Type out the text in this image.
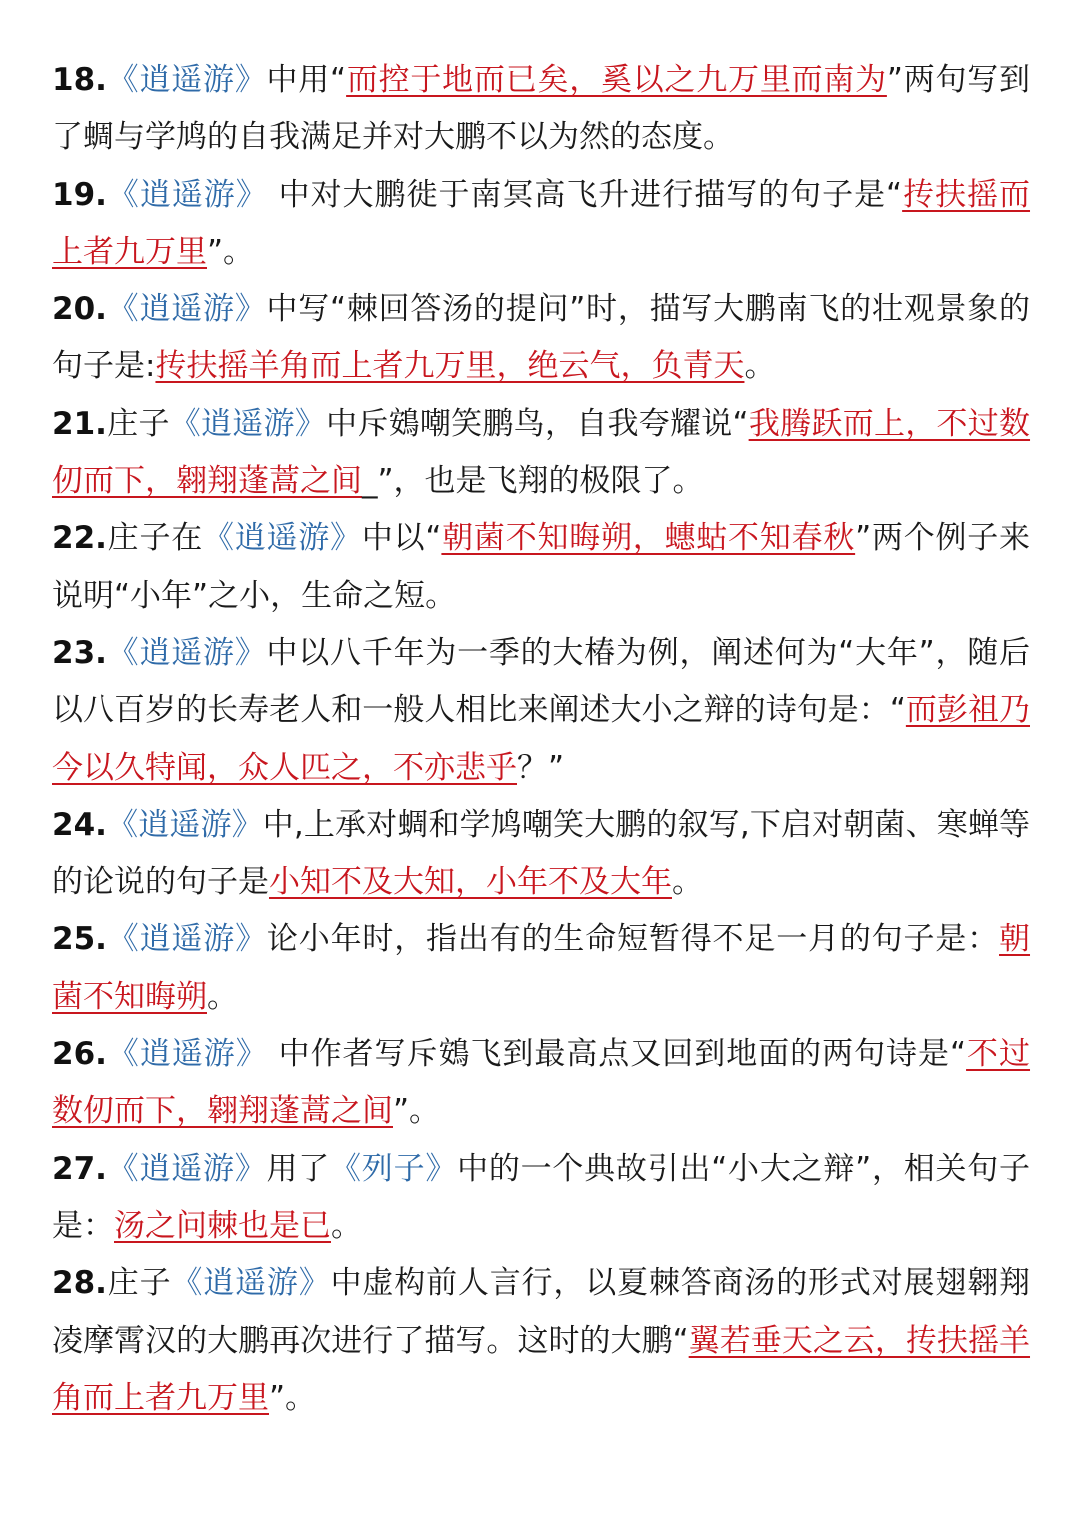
18.《逍遥游》中用“而控于地而已矣，奚以之九万里而南为”两句写到了蜩与学鸠的自我满足并对大鹏不以为然的态度。

19.《逍遥游》 中对大鹏徙于南冥高飞升进行描写的句子是“抟扶摇而上者九万里”。

20.《逍遥游》中写“棘回答汤的提问”时，描写大鹏南飞的壮观景象的句子是:抟扶摇羊角而上者九万里，绝云气，负青天。

21.庄子《逍遥游》中斥鴳嘲笑鹏鸟，自我夸耀说“我腾跃而上，不过数仞而下，翱翔蓬蒿之间_”，也是飞翔的极限了。

22.庄子在《逍遥游》中以“朝菌不知晦朔，蟪蛄不知春秋”两个例子来说明“小年”之小，生命之短。

23.《逍遥游》中以八千年为一季的大椿为例，阐述何为“大年”，随后以八百岁的长寿老人和一般人相比来阐述大小之辩的诗句是：“而彭祖乃今以久特闻，众人匹之，不亦悲乎？”

24.《逍遥游》中,上承对蜩和学鸠嘲笑大鹏的叙写,下启对朝菌、寒蝉等的论说的句子是小知不及大知，小年不及大年。

25.《逍遥游》论小年时，指出有的生命短暂得不足一月的句子是：朝菌不知晦朔。

26.《逍遥游》 中作者写斥鴳飞到最高点又回到地面的两句诗是“不过数仞而下，翱翔蓬蒿之间”。

27.《逍遥游》用了《列子》中的一个典故引出“小大之辩”，相关句子是：汤之问棘也是已。

28.庄子《逍遥游》中虚构前人言行，以夏棘答商汤的形式对展翅翱翔凌摩霄汉的大鹏再次进行了描写。这时的大鹏“翼若垂天之云，抟扶摇羊角而上者九万里”。
